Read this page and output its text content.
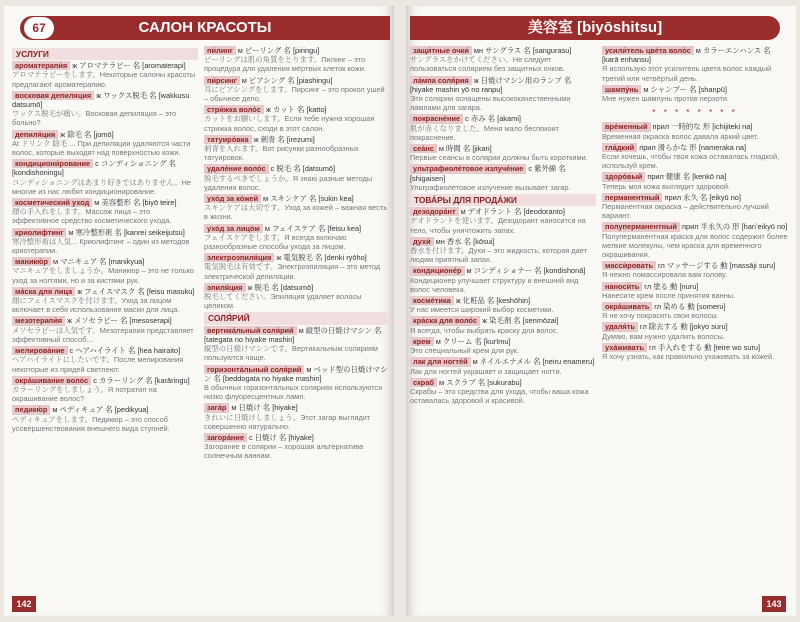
67	САЛОН КРАСОТЫ
УСЛУГИ
ароматерапи́я ж アロマテラピー 名 [aromaterapi]
アロマテラピーをします。Некоторые салоны красоты предлагают ароматерапию.
восковая депиляция ж ワックス脱毛 名 [wakkusu datsumō]
ワックス脱毛が痛い。Восковая депиляция – это больно?
депиля́ция ж 除毛 名 [jomō]
At ドリンク 除毛 ... При депиляции удаляются части волос, которые выходят над поверхностью кожи.
кондициони́рование с コンディショニング 名 [kondishoningu]
コンディショニングはあまり好きではありません。Не многие из нас любят кондиционирование.
косметический уход м 美容整形 名 [biyō teire]
顔の手入れをします。Массаж лица – это эффективное средство косметического ухода.
криолифтинг м 寒冷整形術 名 [kanrei seikeijutsu]
寒冷整形術は人気... Криолифтинг – один из методов криотерапии.
маникю́р м マニキュア 名 [manikyua]
マニキュアをしましょうか。Маникюр – это не только уход за ногтями, но и за кистями рук.
ма́ска для лица ж フェイスマスク 名 [feisu masuku]
顔にフェイスマスクを付けます。Уход за лицом включает в себя использование маски для лица.
мезотерапи́я ж メソセラピー 名 [mesoserapi]
メソセラピーは人気です。Мезотерапия представляет эффективный способ...
мелирова́ние с ヘアハイライト 名 [hea hairaito]
ヘアハイライトにしたいです。После мелирования некоторые из прядей светлеют.
окра́шивание воло́с с カラーリング 名 [karāringu]
カラーリングをしましょう。Я потратил на окрашивание волос?
педикю́р м ペディキュア 名 [pedikyua]
ペディキュアをします。Педикюр – это способ усовершенствования внешнего вида ступней.
пи́линг м ピーリング 名 [piringu]
ピーリングは肌の角質をとります。Пилинг – это процедура для удаления мёртвых клеток кожи.
пи́рсинг м ピアシング 名 [piashingu]
耳にピアシングをします。Пирсинг – это прокол ушей – обычное дело.
стри́жка воло́с ж カット 名 [katto]
カットをお願いします。Если тебе нужна хорошая стрижка волос, сходи в этот салон.
татуиро́вка ж 刺青 名 [irezumi]
刺青を入れます。Вот рисунки разнообразных татуировок.
удале́ние воло́с с 脱毛 名 [datsumō]
脱毛するべきでしょうか。Я знаю разные методы удаления волос.
ухо́д за ко́жей м スキンケア 名 [sukin kea]
スキンケアは大切です。Уход за кожей – важная весть в жизни.
ухо́д за лицо́м м フェイスケア 名 [feisu kea]
フェイスケアをします。Я всегда включаю разнообразные способы ухода за лицом.
электроэпиля́ция ж 電気脱毛 名 [denki ryōho]
電気脱毛は有効です。Электроэпиляция – это метод электрической депиляции.
эпиля́ция ж 脱毛 名 [datsumō]
脱毛してください。Эпиляция удаляет волосы целиком.
СОЛЯ́РИЙ
вертика́льный соля́рий м 縦型の日焼けマシン 名 [tategata no hiyake mashin]
縦型の日焼けマシンです。Вертикальным соляриям пользуются чаще.
горизонта́льный соля́рий м ベッド型の日焼けマシン 名 [beddogata no hiyake mashin]
В обычных горизонтальных соляриях используются низко флуоресцентных ламп.
зага́р м 日焼け 名 [hiyake]
きれいに日焼けしましょう。Этот загар выглядит совершенно натурально.
загора́ние с 日焼け 名 [hiyake]
Загорание в солярии – хорошая альтернатива солнечным ваннам.
142
美容室 [biyōshitsu]
защи́тные очки́ мн サングラス 名 [sangurasu]
サングラスをかけてください。Не следует пользоваться солярием без защитных очков.
ла́мпа соля́рия ж 日焼けマシン用のランプ 名 [hiyake mashin yō no ranpu]
Эти солярии оснащены высококачественными лампами для загара.
покрасне́ние с 赤み 名 [akami]
肌が赤くなりました。Меня мало беспокоит покраснение.
сеа́нс м 時間 名 [jikan]
Первые сеансы в солярии должны быть короткими.
ультрафиоле́товое излуче́ние с 紫外線 名 [shigaisen]
Ультрафиолетовое излучение вызывает загар.
ТОВА́РЫ ДЛЯ ПРОДА́ЖИ
дезодора́нт м デオドラント 名 [deodoranto]
デオドラントを使います。Дезодорант наносится на тело, чтобы уничтожить запах.
духи́ мн 香水 名 [kōsui]
香水を付けます。Духи – это жидкость, которая дает людям приятный запах.
кондиционе́р м コンディショナー 名 [kondishonā]
Кондиционер улучшает структуру и внешний вид волос человека.
косме́тика ж 化粧品 名 [keshōhin]
У нас имеется широкий выбор косметики.
кра́ска для воло́с ж 染毛剤 名 [senmōzai]
Я всегда, чтобы выбрать краску для волос.
крем м クリーム 名 [kurīmu]
Это специальный крем для рук.
лак для ногте́й м ネイルエナメル 名 [neiru enameru]
Лак для ногтей украшает и защищает ногти.
скраб м スクラブ 名 [sukurabu]
Скрабы – это средства для ухода, чтобы ваша кожа оставалась здоровой и красивой.
усили́тель цве́та воло́с м カラーエンハンス 名 [karā enhansu]
Я использую этот усилитель цвета волос каждый третий или четвёртый день.
шампу́нь м シャンプー 名 [shanpū]
Мне нужен шампунь против перхоти.
* * * * * * * *
вре́менный прил 一時的な 形 [ichijiteki na]
Временная окраска волос давала яркий цвет.
гла́дкий прил 滑らかな 形 [nameraka na]
Если хочешь, чтобы твоя кожа оставалась гладкой, используй крем.
здоро́вый прил 健康 名 [kenkō na]
Теперь моя кожа выглядит здоровой.
перманентный прил 永久 名 [eikyū no]
Перманентная окраска – действительно лучший вариант.
полуперманентный прил 半永久の 形 [hanʼeikyū no]
Полуперманентная краска для волос содержит более мелкие молекулы, чем краска для временного окрашивания.
масси́ровать гл マッサージする 動 [massāji suru]
Я нежно помассировала вам голову.
наноси́ть гл 塗る 動 [nuru]
Нанесите крем после принятия ванны.
окра́шивать гл 染める 動 [someru]
Я не хочу покрасить свои волосы.
удаля́ть гл 除去する 動 [jokyo suru]
Думаю, вам нужно удалить волосы.
уха́живать гл 手入れをする 動 [teire wo suru]
Я хочу узнать, как правильно ухаживать за кожей.
143
